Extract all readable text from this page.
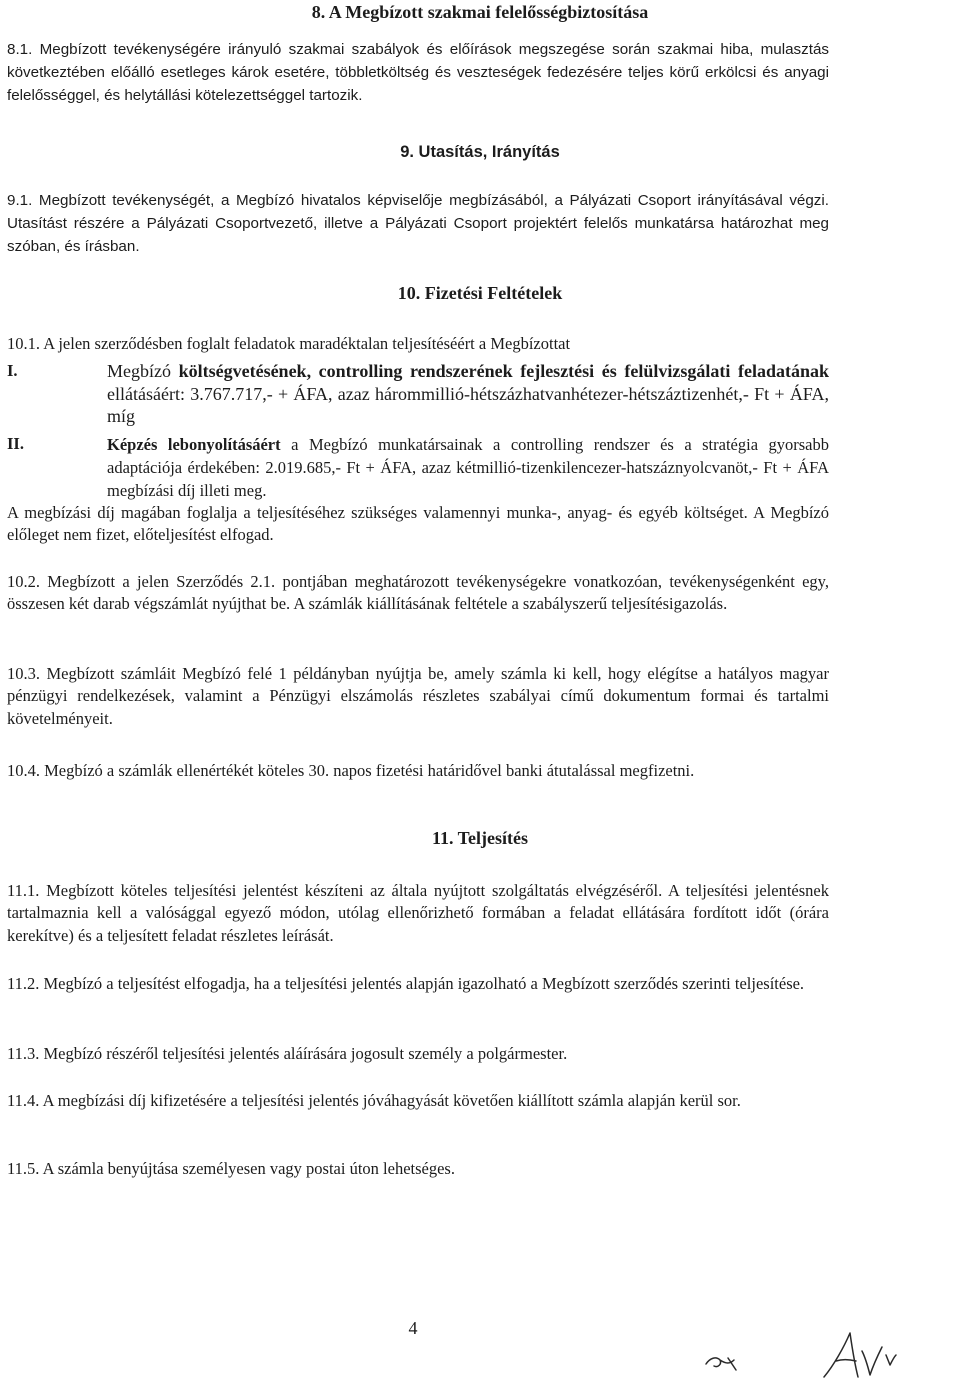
8. A Megbízott szakmai felelősségbiztosítása
8.1. Megbízott tevékenységére irányuló szakmai szabályok és előírások megszegése során szakmai hiba, mulasztás következtében előálló esetleges károk esetére, többletköltség és veszteségek fedezésére teljes körű erkölcsi és anyagi felelősséggel, és helytállási kötelezettséggel tartozik.
9. Utasítás, Irányítás
9.1. Megbízott tevékenységét, a Megbízó hivatalos képviselője megbízásából, a Pályázati Csoport irányításával végzi. Utasítást részére a Pályázati Csoportvezető, illetve a Pályázati Csoport projektért felelős munkatársa határozhat meg szóban, és írásban.
10. Fizetési Feltételek
10.1. A jelen szerződésben foglalt feladatok maradéktalan teljesítéséért a Megbízottat
I.	Megbízó költségvetésének, controlling rendszerének fejlesztési és felülvizsgálati feladatának ellátásáért: 3.767.717,- + ÁFA, azaz hárommillió-hétszázhatvanhétezer-hétszáztizenhét,- Ft + ÁFA, míg
II.	Képzés lebonyolításáért a Megbízó munkatársainak a controlling rendszer és a stratégia gyorsabb adaptációja érdekében: 2.019.685,- Ft + ÁFA, azaz kétmillió-tizenkilencezer-hatszáznyolcvanöt,- Ft + ÁFA megbízási díj illeti meg.
A megbízási díj magában foglalja a teljesítéséhez szükséges valamennyi munka-, anyag- és egyéb költséget. A Megbízó előleget nem fizet, előteljesítést elfogad.
10.2. Megbízott a jelen Szerződés 2.1. pontjában meghatározott tevékenységekre vonatkozóan, tevékenységenként egy, összesen két darab végszámlát nyújthat be. A számlák kiállításának feltétele a szabályszerű teljesítésigazolás.
10.3. Megbízott számláit Megbízó felé 1 példányban nyújtja be, amely számla ki kell, hogy elégítse a hatályos magyar pénzügyi rendelkezések, valamint a Pénzügyi elszámolás részletes szabályai című dokumentum formai és tartalmi követelményeit.
10.4. Megbízó a számlák ellenértékét köteles 30. napos fizetési határidővel banki átutalással megfizetni.
11. Teljesítés
11.1. Megbízott köteles teljesítési jelentést készíteni az általa nyújtott szolgáltatás elvégzéséről. A teljesítési jelentésnek tartalmaznia kell a valósággal egyező módon, utólag ellenőrizhető formában a feladat ellátására fordított időt (órára kerekítve) és a teljesített feladat részletes leírását.
11.2. Megbízó a teljesítést elfogadja, ha a teljesítési jelentés alapján igazolható a Megbízott szerződés szerinti teljesítése.
11.3. Megbízó részéről teljesítési jelentés aláírására jogosult személy a polgármester.
11.4. A megbízási díj kifizetésére a teljesítési jelentés jóváhagyását követően kiállított számla alapján kerül sor.
11.5. A számla benyújtása személyesen vagy postai úton lehetséges.
4
